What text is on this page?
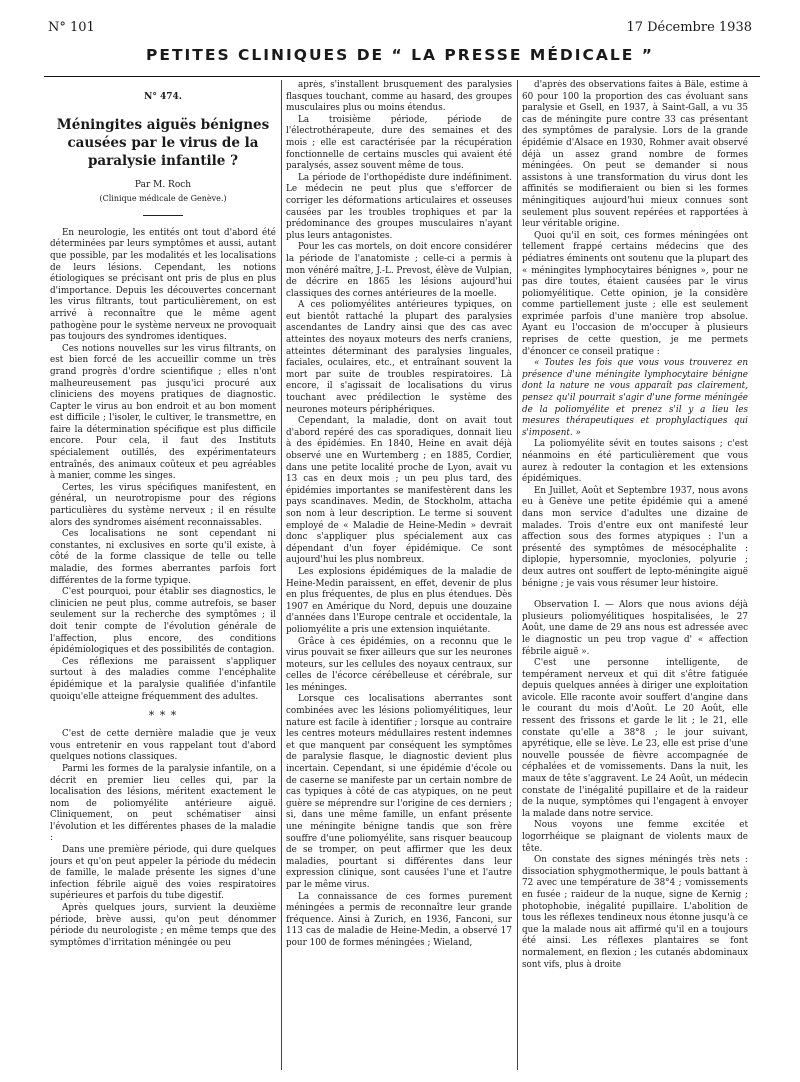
N° 101	17 Décembre 1938
PETITES CLINIQUES DE “ LA PRESSE MÉDICALE ”
N° 474.
Méningites aiguës bénignes causées par le virus de la paralysie infantile ?
Par M. Roch
(Clinique médicale de Genève.)

En neurologie, les entités ont tout d'abord été déterminées par leurs symptômes et aussi, autant que possible, par les modalités et les localisations de leurs lésions. Cependant, les notions étiologiques se précisant ont pris de plus en plus d'importance. Depuis les découvertes concernant les virus filtrants, tout particulièrement, on est arrivé à reconnaître que le même agent pathogène pour le système nerveux ne provoquait pas toujours des syndromes identiques.

Ces notions nouvelles sur les virus filtrants, on est bien forcé de les accueillir comme un très grand progrès d'ordre scientifique ; elles n'ont malheureusement pas jusqu'ici procuré aux cliniciens des moyens pratiques de diagnostic. Capter le virus au bon endroit et au bon moment est difficile ; l'isoler, le cultiver, le transmettre, en faire la détermination spécifique est plus difficile encore. Pour cela, il faut des Instituts spécialement outillés, des expérimentateurs entraînés, des animaux coûteux et peu agréables à manier, comme les singes.

Certes, les virus spécifiques manifestent, en général, un neurotropisme pour des régions particulières du système nerveux ; il en résulte alors des syndromes aisément reconnaissables.

Ces localisations ne sont cependant ni constantes, ni exclusives en sorte qu'il existe, à côté de la forme classique de telle ou telle maladie, des formes aberrantes parfois fort différentes de la forme typique.

C'est pourquoi, pour établir ses diagnostics, le clinicien ne peut plus, comme autrefois, se baser seulement sur la recherche des symptômes ; il doit tenir compte de l'évolution générale de l'affection, plus encore, des conditions épidémiologiques et des possibilités de contagion.

Ces réflexions me paraissent s'appliquer surtout à des maladies comme l'encéphalite épidémique et la paralysie qualifiée d'infantile quoiqu'elle atteigne fréquemment des adultes.

* * *

C'est de cette dernière maladie que je veux vous entretenir en vous rappelant tout d'abord quelques notions classiques.

Parmi les formes de la paralysie infantile, on a décrit en premier lieu celles qui, par la localisation des lésions, méritent exactement le nom de poliomyélite antérieure aiguë. Cliniquement, on peut schématiser ainsi l'évolution et les différentes phases de la maladie :

Dans une première période, qui dure quelques jours et qu'on peut appeler la période du médecin de famille, le malade présente les signes d'une infection fébrile aiguë des voies respiratoires supérieures et parfois du tube digestif.

Après quelques jours, survient la deuxième période, brève aussi, qu'on peut dénommer période du neurologiste ; en même temps que des symptômes d'irritation méningée ou peu

après, s'installent brusquement des paralysies flasques touchant, comme au hasard, des groupes musculaires plus ou moins étendus.

La troisième période, période de l'électrothérapeute, dure des semaines et des mois ; elle est caractérisée par la récupération fonctionnelle de certains muscles qui avaient été paralysés, assez souvent même de tous.

La période de l'orthopédiste dure indéfiniment. Le médecin ne peut plus que s'efforcer de corriger les déformations articulaires et osseuses causées par les troubles trophiques et par la prédominance des groupes musculaires n'ayant plus leurs antagonistes.

Pour les cas mortels, on doit encore considérer la période de l'anatomiste ; celle-ci a permis à mon vénéré maître, J.-L. Prevost, élève de Vulpian, de décrire en 1865 les lésions aujourd'hui classiques des cornes antérieures de la moelle.

A ces poliomyélites antérieures typiques, on eut bientôt rattaché la plupart des paralysies ascendantes de Landry ainsi que des cas avec atteintes des noyaux moteurs des nerfs craniens, atteintes déterminant des paralysies linguales, faciales, oculaires, etc., et entraînant souvent la mort par suite de troubles respiratoires. Là encore, il s'agissait de localisations du virus touchant avec prédilection le système des neurones moteurs périphériques.

Cependant, la maladie, dont on avait tout d'abord repéré des cas sporadiques, donnait lieu à des épidémies. En 1840, Heine en avait déjà observé une en Wurtemberg ; en 1885, Cordier, dans une petite localité proche de Lyon, avait vu 13 cas en deux mois ; un peu plus tard, des épidémies importantes se manifestèrent dans les pays scandinaves. Medin, de Stockholm, attacha son nom à leur description. Le terme si souvent employé de « Maladie de Heine-Medin » devrait donc s'appliquer plus spécialement aux cas dépendant d'un foyer épidémique. Ce sont aujourd'hui les plus nombreux.

Les explosions épidémiques de la maladie de Heine-Medin paraissent, en effet, devenir de plus en plus fréquentes, de plus en plus étendues. Dès 1907 en Amérique du Nord, depuis une douzaine d'années dans l'Europe centrale et occidentale, la poliomyélite a pris une extension inquiétante.

Grâce à ces épidémies, on a reconnu que le virus pouvait se fixer ailleurs que sur les neurones moteurs, sur les cellules des noyaux centraux, sur celles de l'écorce cérébelleuse et cérébrale, sur les méninges.

Lorsque ces localisations aberrantes sont combinées avec les lésions poliomyélitiques, leur nature est facile à identifier ; lorsque au contraire les centres moteurs médullaires restent indemnes et que manquent par conséquent les symptômes de paralysie flasque, le diagnostic devient plus incertain. Cependant, si une épidémie d'école ou de caserne se manifeste par un certain nombre de cas typiques à côté de cas atypiques, on ne peut guère se méprendre sur l'origine de ces derniers ; si, dans une même famille, un enfant présente une méningite bénigne tandis que son frère souffre d'une poliomyélite, sans risquer beaucoup de se tromper, on peut affirmer que les deux maladies, pourtant si différentes dans leur expression clinique, sont causées l'une et l'autre par le même virus.

La connaissance de ces formes purement méningées a permis de reconnaître leur grande fréquence. Ainsi à Zurich, en 1936, Fanconi, sur 113 cas de maladie de Heine-Medin, a observé 17 pour 100 de formes méningées ; Wieland,

d'après des observations faites à Bâle, estime à 60 pour 100 la proportion des cas évoluant sans paralysie et Gsell, en 1937, à Saint-Gall, a vu 35 cas de méningite pure contre 33 cas présentant des symptômes de paralysie. Lors de la grande épidémie d'Alsace en 1930, Rohmer avait observé déjà un assez grand nombre de formes méningées. On peut se demander si nous assistons à une transformation du virus dont les affinités se modifieraient ou bien si les formes méningitiques aujourd'hui mieux connues sont seulement plus souvent repérées et rapportées à leur véritable origine.

Quoi qu'il en soit, ces formes méningées ont tellement frappé certains médecins que des pédiatres éminents ont soutenu que la plupart des « méningites lymphocytaires bénignes », pour ne pas dire toutes, étaient causées par le virus poliomyélitique. Cette opinion, je la considère comme partiellement juste ; elle est seulement exprimée parfois d'une manière trop absolue. Ayant eu l'occasion de m'occuper à plusieurs reprises de cette question, je me permets d'énoncer ce conseil pratique :

« Toutes les fois que vous vous trouverez en présence d'une méningite lymphocytaire bénigne dont la nature ne vous apparaît pas clairement, pensez qu'il pourrait s'agir d'une forme méningée de la poliomyélite et prenez s'il y a lieu les mesures thérapeutiques et prophylactiques qui s'imposent. »

La poliomyélite sévit en toutes saisons ; c'est néanmoins en été particulièrement que vous aurez à redouter la contagion et les extensions épidémiques.

En Juillet, Août et Septembre 1937, nous avons eu à Genève une petite épidémie qui a amené dans mon service d'adultes une dizaine de malades. Trois d'entre eux ont manifesté leur affection sous des formes atypiques : l'un a présenté des symptômes de mésocéphalite : diplopie, hypersomnie, myoclonies, polyurie ; deux autres ont souffert de lepto-méningite aiguë bénigne ; je vais vous résumer leur histoire.

Observation I. — Alors que nous avions déjà plusieurs poliomyélitiques hospitalisées, le 27 Août, une dame de 29 ans nous est adressée avec le diagnostic un peu trop vague d' « affection fébrile aiguë ».

C'est une personne intelligente, de tempérament nerveux et qui dit s'être fatiguée depuis quelques années à diriger une exploitation avicole. Elle raconte avoir souffert d'angine dans le courant du mois d'Août. Le 20 Août, elle ressent des frissons et garde le lit ; le 21, elle constate qu'elle a 38°8 ; le jour suivant, apyrétique, elle se lève. Le 23, elle est prise d'une nouvelle poussée de fièvre accompagnée de céphalées et de vomissements. Dans la nuit, les maux de tête s'aggravent. Le 24 Août, un médecin constate de l'inégalité pupillaire et de la raideur de la nuque, symptômes qui l'engagent à envoyer la malade dans notre service.

Nous voyons une femme excitée et logorrhéique se plaignant de violents maux de tête.

On constate des signes méningés très nets : dissociation sphygmothermique, le pouls battant à 72 avec une température de 38°4 ; vomissements en fusée ; raideur de la nuque, signe de Kernig ; photophobie, inégalité pupillaire. L'abolition de tous les réflexes tendineux nous étonne jusqu'à ce que la malade nous ait affirmé qu'il en a toujours été ainsi. Les réflexes plantaires se font normalement, en flexion ; les cutanés abdominaux sont vifs, plus à droite
